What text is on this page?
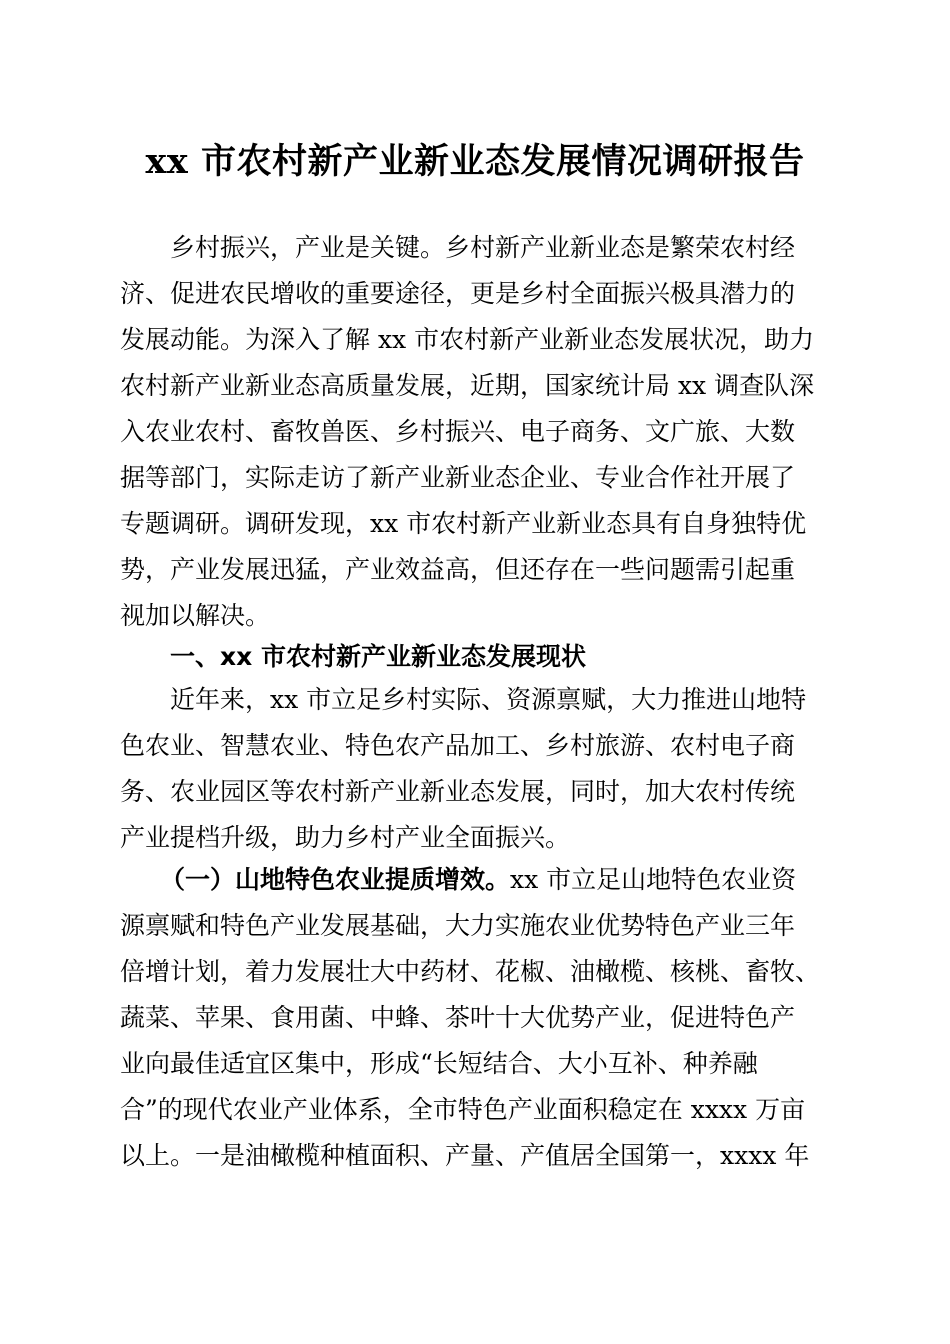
xx 市农村新产业新业态发展情况调研报告
乡村振兴，产业是关键。乡村新产业新业态是繁荣农村经
济、促进农民增收的重要途径，更是乡村全面振兴极具潜力的
发展动能。为深入了解 xx 市农村新产业新业态发展状况，助力
农村新产业新业态高质量发展，近期，国家统计局 xx 调查队深
入农业农村、畜牧兽医、乡村振兴、电子商务、文广旅、大数
据等部门，实际走访了新产业新业态企业、专业合作社开展了
专题调研。调研发现，xx 市农村新产业新业态具有自身独特优
势，产业发展迅猛，产业效益高，但还存在一些问题需引起重
视加以解决。
一、xx 市农村新产业新业态发展现状
近年来，xx 市立足乡村实际、资源禀赋，大力推进山地特
色农业、智慧农业、特色农产品加工、乡村旅游、农村电子商
务、农业园区等农村新产业新业态发展，同时，加大农村传统
产业提档升级，助力乡村产业全面振兴。
（一）山地特色农业提质增效。xx 市立足山地特色农业资
源禀赋和特色产业发展基础，大力实施农业优势特色产业三年
倍增计划，着力发展壮大中药材、花椒、油橄榄、核桃、畜牧、
蔬菜、苹果、食用菌、中蜂、茶叶十大优势产业，促进特色产
业向最佳适宜区集中，形成“长短结合、大小互补、种养融
合”的现代农业产业体系，全市特色产业面积稳定在 xxxx 万亩
以上。一是油橄榄种植面积、产量、产值居全国第一，xxxx 年
